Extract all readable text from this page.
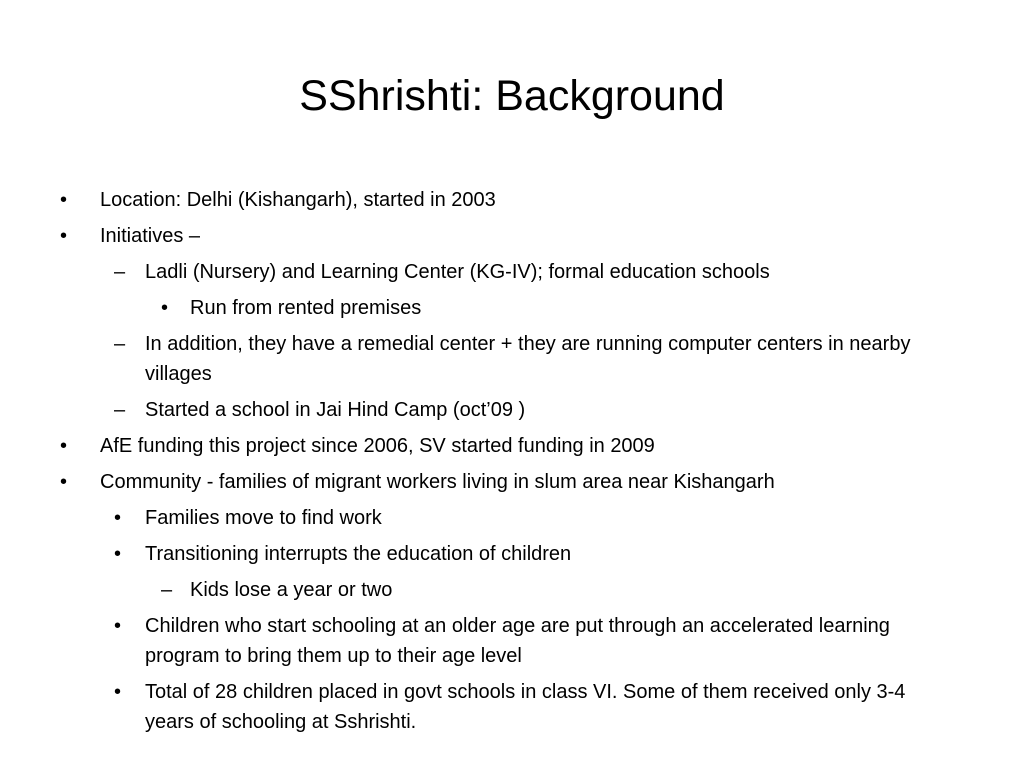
SShrishti: Background
•	Location: Delhi (Kishangarh), started in 2003
•	Initiatives –
– Ladli (Nursery) and Learning Center (KG-IV); formal education schools
•	Run from rented premises
– In addition, they have a remedial center + they are running computer centers in nearby villages
– Started a school in Jai Hind Camp (oct’09 )
•	AfE funding this project since 2006, SV started funding in 2009
•	Community - families of migrant workers living in slum area near Kishangarh
•	Families move to find work
•	Transitioning interrupts the education of children
– Kids lose a year or two
•	Children who start schooling at an older age are put through an accelerated learning program to bring them up to their age level
•	Total of 28 children placed in govt schools in class VI. Some of them received only 3-4 years of schooling at Sshrishti.
